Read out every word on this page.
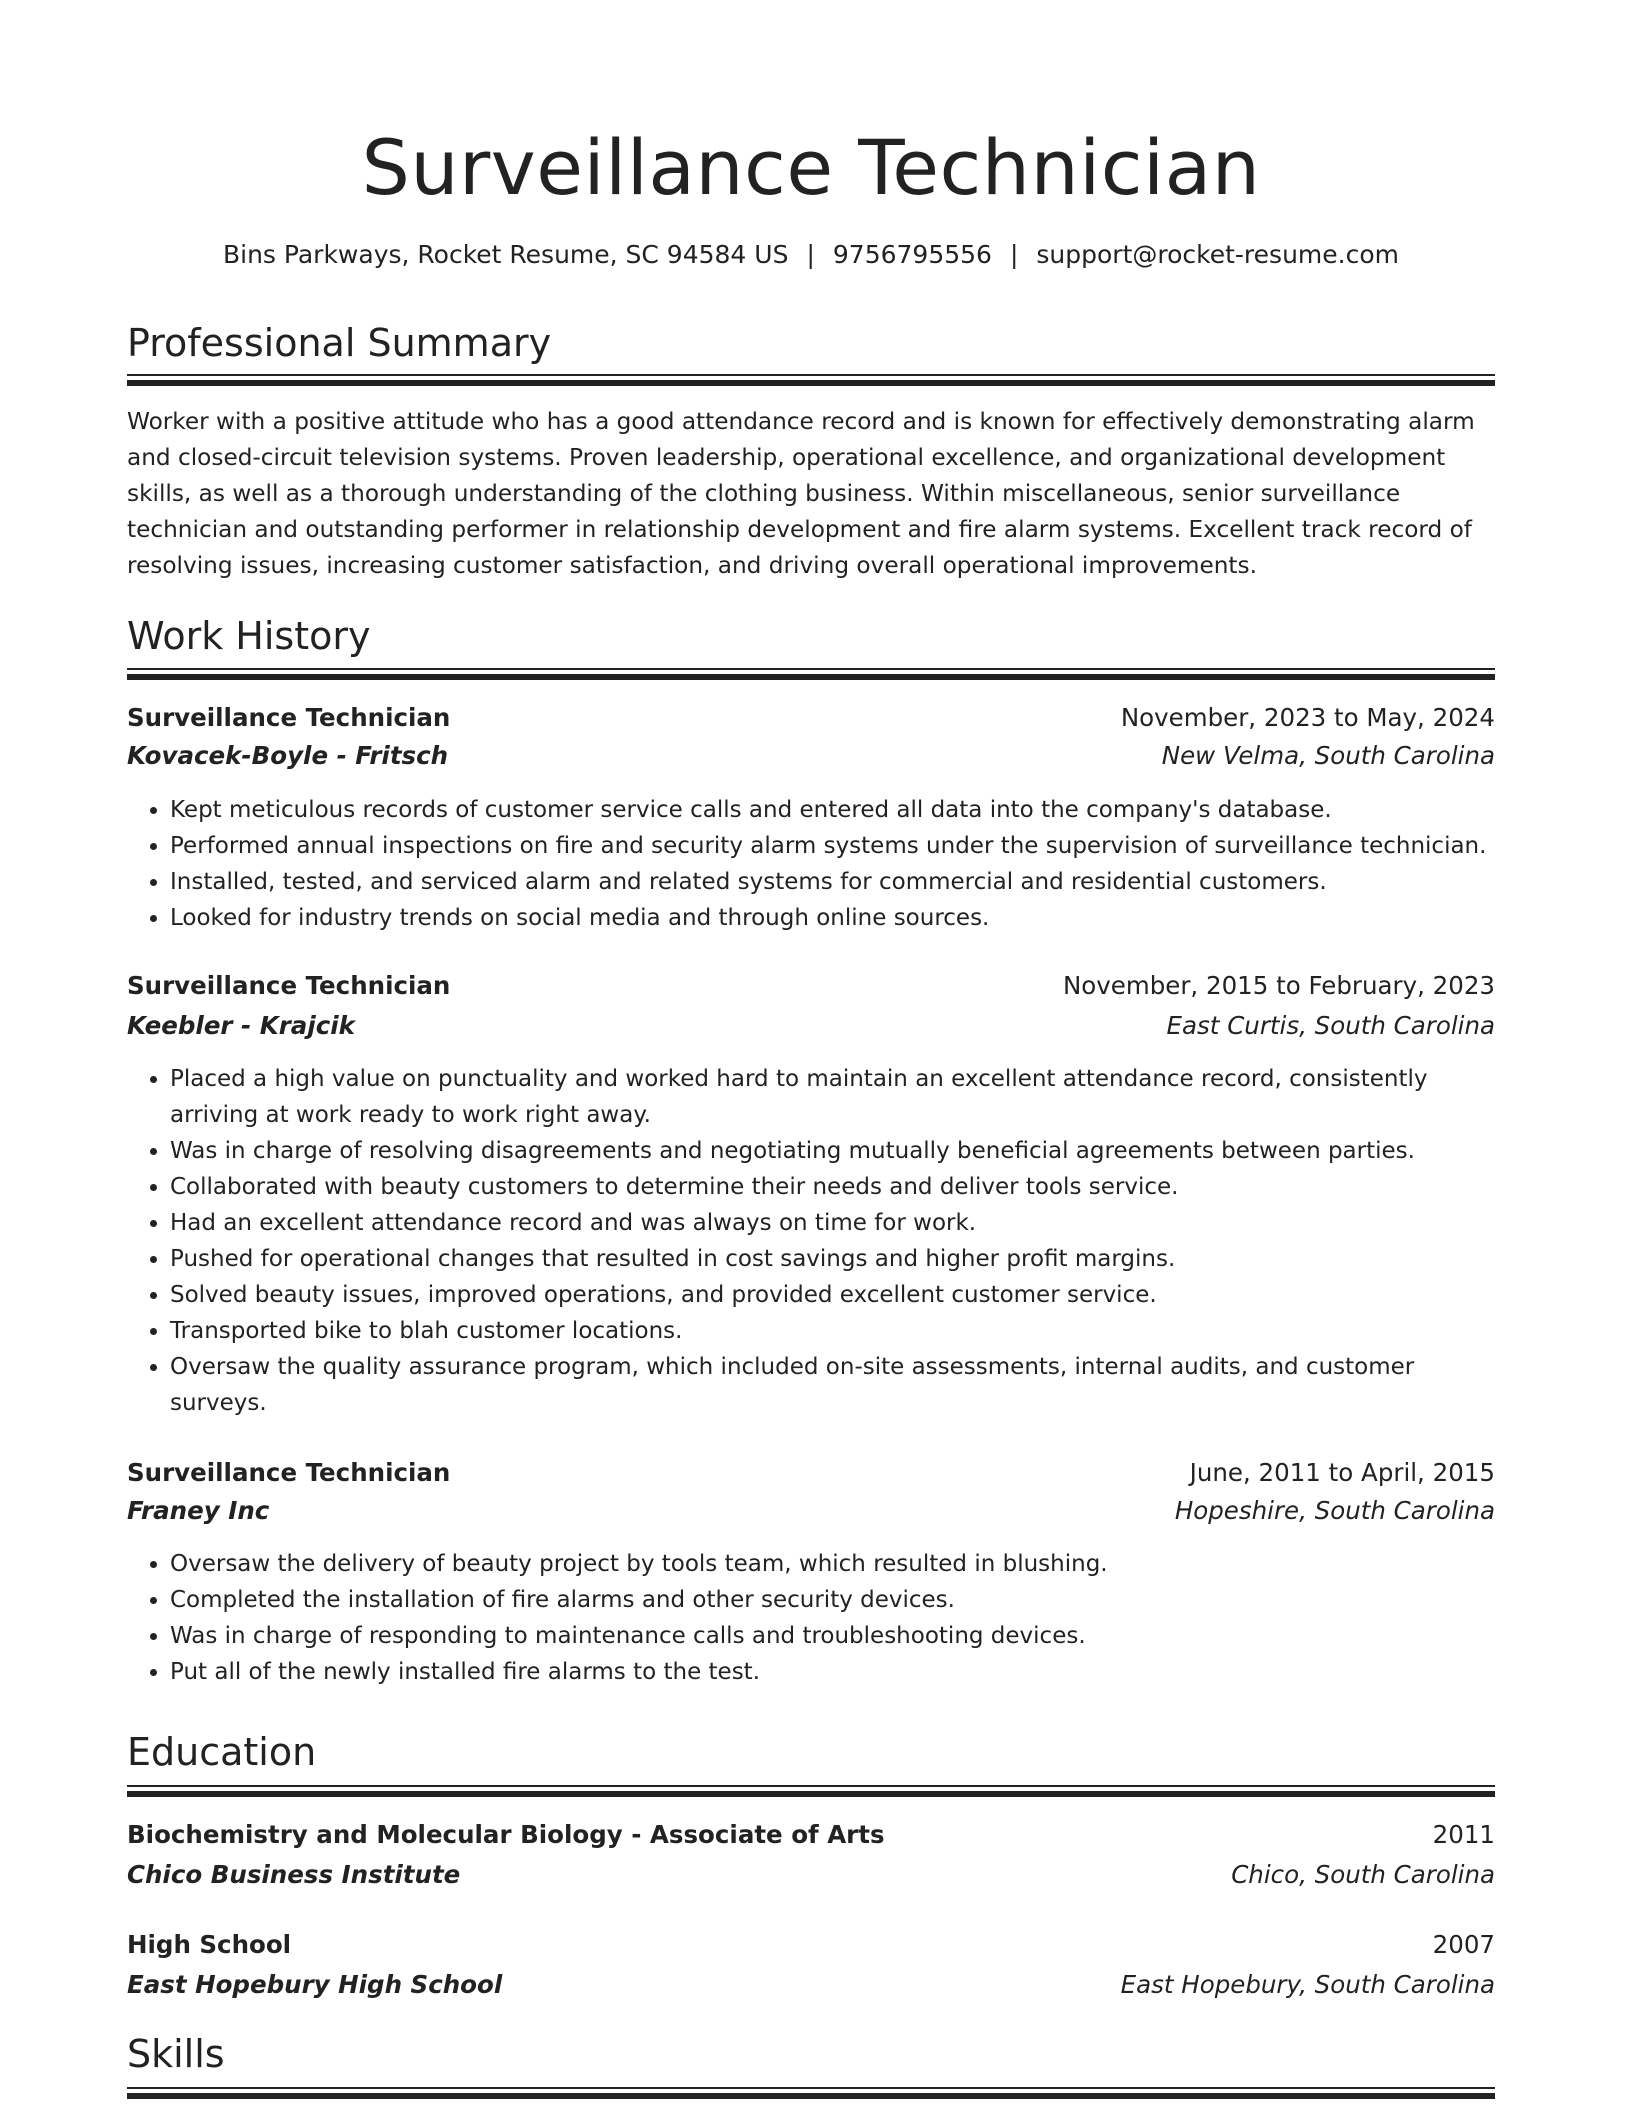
Surveillance Technician
Bins Parkways, Rocket Resume, SC 94584 US | 9756795556 | support@rocket-resume.com
Professional Summary

Worker with a positive attitude who has a good attendance record and is known for effectively demonstrating alarm and closed-circuit television systems. Proven leadership, operational excellence, and organizational development skills, as well as a thorough understanding of the clothing business. Within miscellaneous, senior surveillance technician and outstanding performer in relationship development and fire alarm systems. Excellent track record of resolving issues, increasing customer satisfaction, and driving overall operational improvements.

Work History
Surveillance Technician	November, 2023 to May, 2024
Kovacek-Boyle - Fritsch	New Velma, South Carolina
• Kept meticulous records of customer service calls and entered all data into the company's database.
• Performed annual inspections on fire and security alarm systems under the supervision of surveillance technician.
• Installed, tested, and serviced alarm and related systems for commercial and residential customers.
• Looked for industry trends on social media and through online sources.
Surveillance Technician	November, 2015 to February, 2023
Keebler - Krajcik	East Curtis, South Carolina
• Placed a high value on punctuality and worked hard to maintain an excellent attendance record, consistently arriving at work ready to work right away.
• Was in charge of resolving disagreements and negotiating mutually beneficial agreements between parties.
• Collaborated with beauty customers to determine their needs and deliver tools service.
• Had an excellent attendance record and was always on time for work.
• Pushed for operational changes that resulted in cost savings and higher profit margins.
• Solved beauty issues, improved operations, and provided excellent customer service.
• Transported bike to blah customer locations.
• Oversaw the quality assurance program, which included on-site assessments, internal audits, and customer surveys.
Surveillance Technician	June, 2011 to April, 2015
Franey Inc	Hopeshire, South Carolina
• Oversaw the delivery of beauty project by tools team, which resulted in blushing.
• Completed the installation of fire alarms and other security devices.
• Was in charge of responding to maintenance calls and troubleshooting devices.
• Put all of the newly installed fire alarms to the test.
Education
Biochemistry and Molecular Biology - Associate of Arts	2011
Chico Business Institute	Chico, South Carolina
High School	2007
East Hopebury High School	East Hopebury, South Carolina
Skills
